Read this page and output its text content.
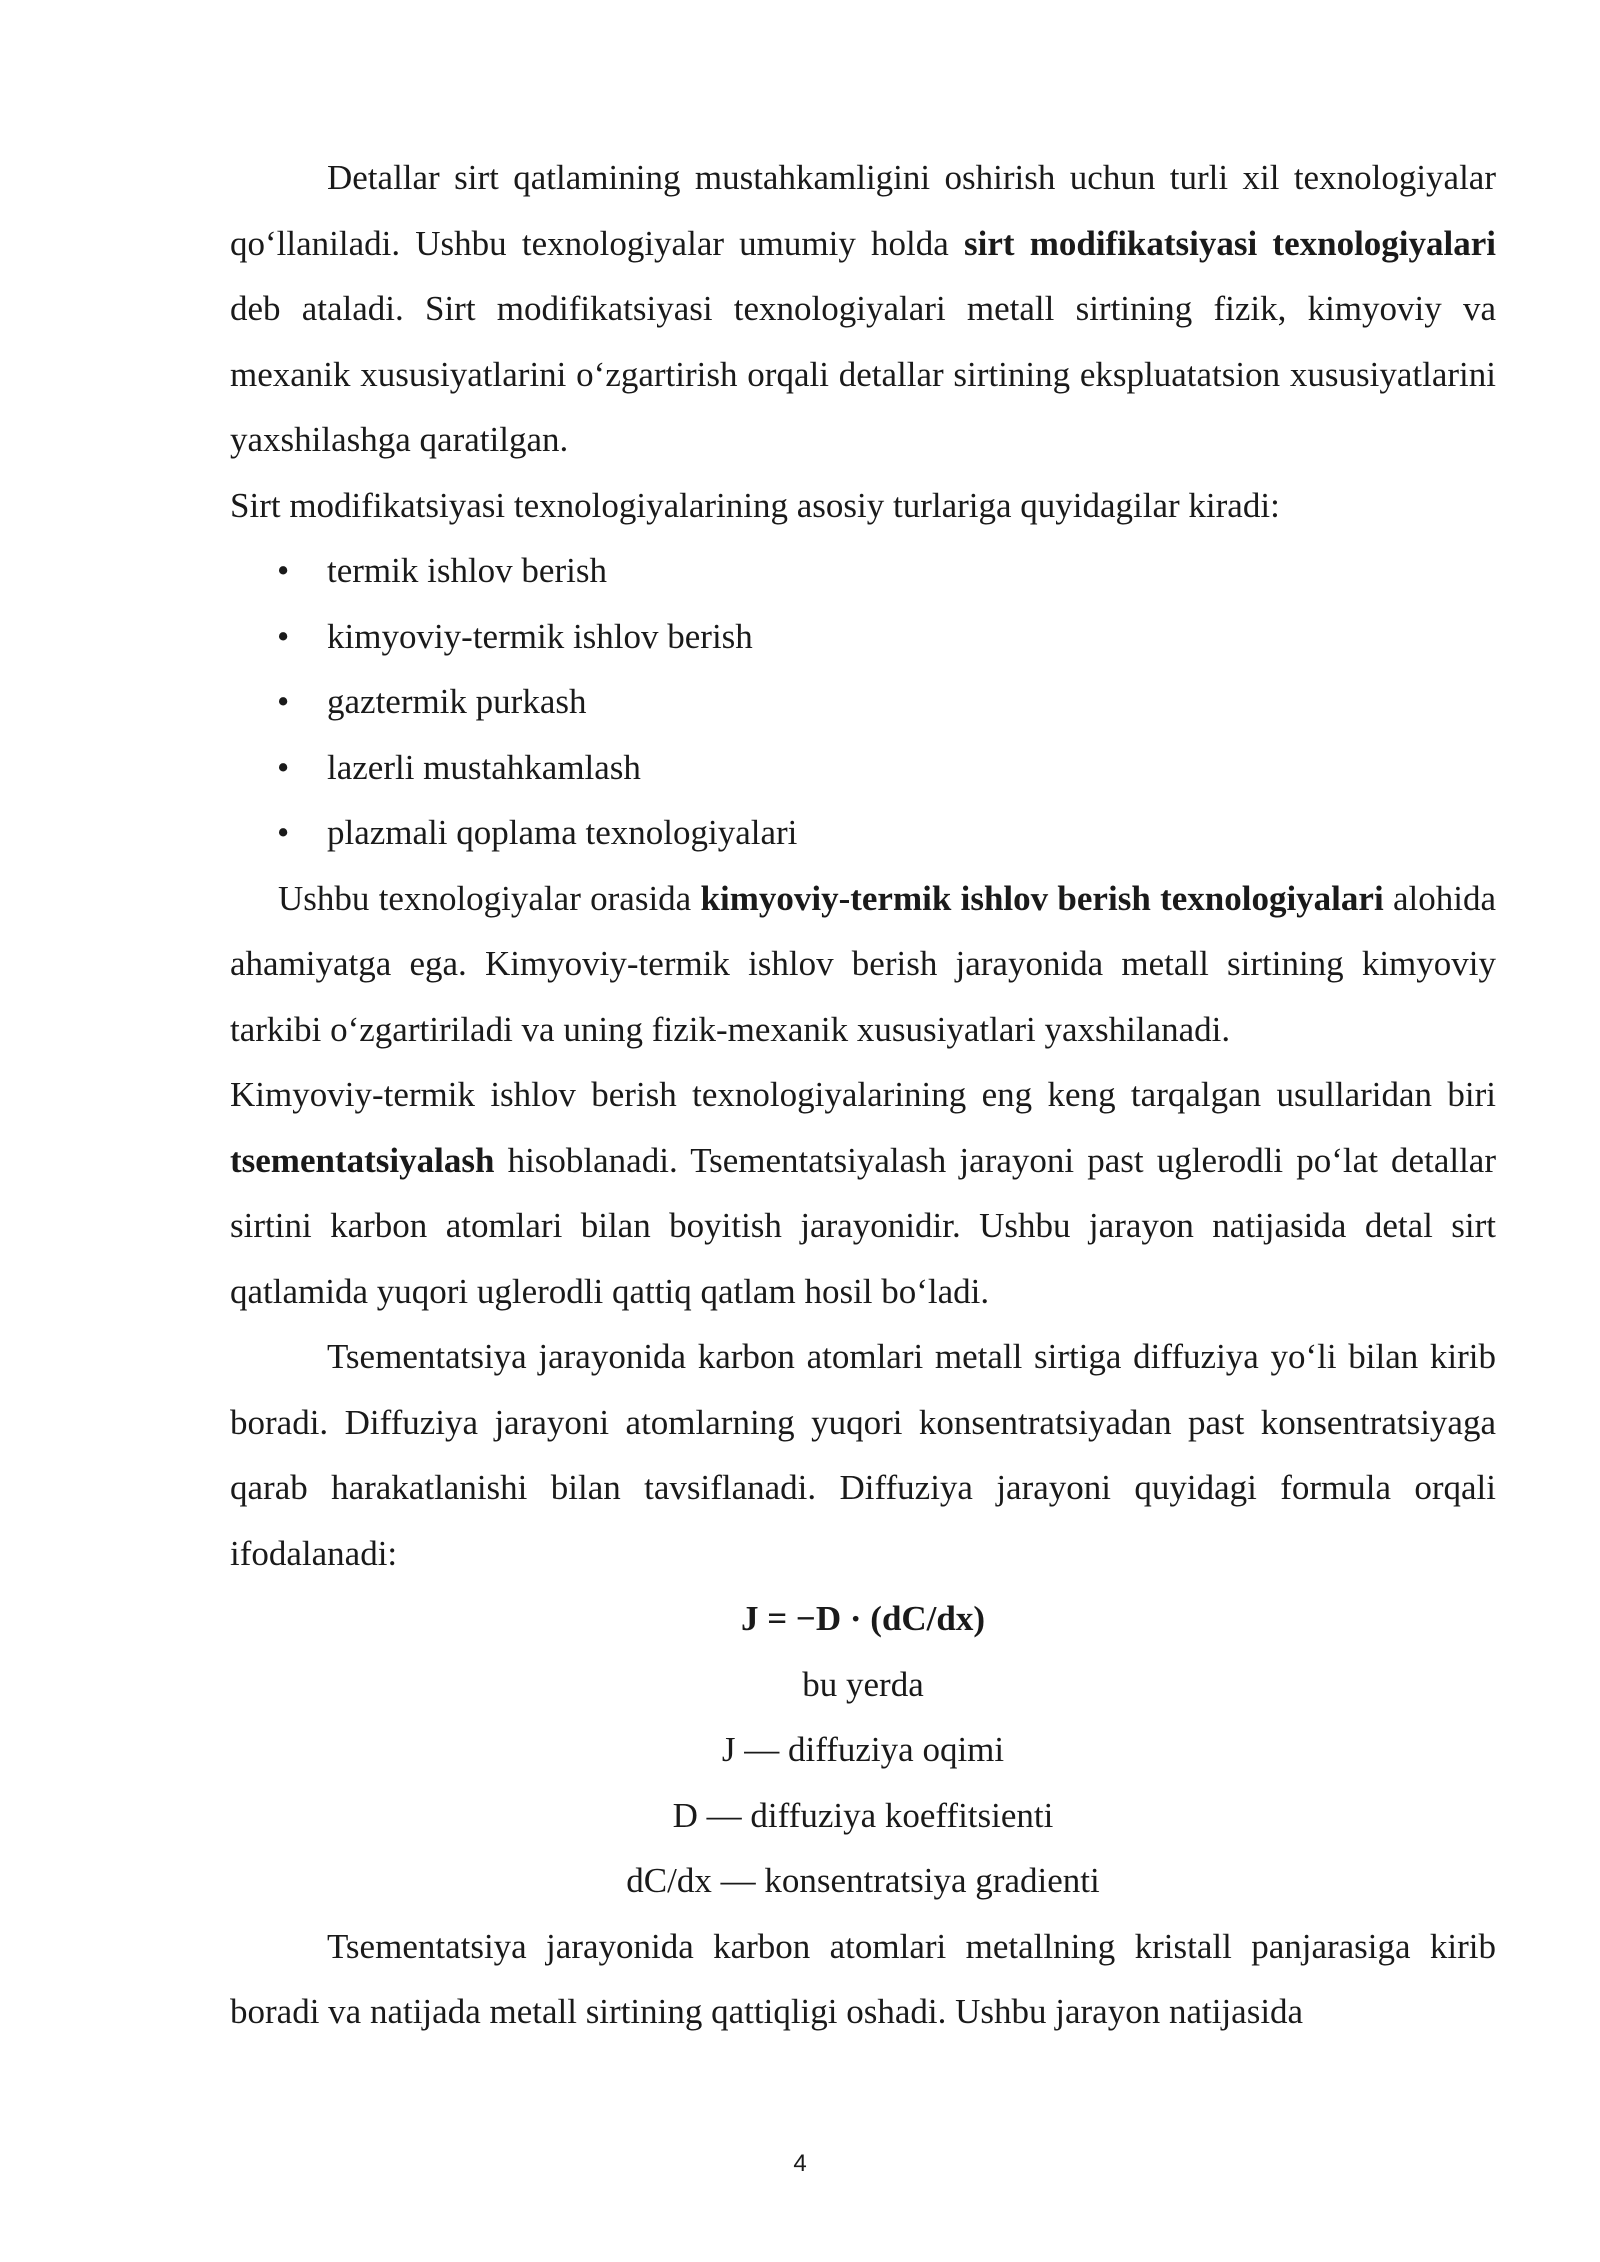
Detallar sirt qatlamining mustahkamligini oshirish uchun turli xil texnologiyalar qo‘llaniladi. Ushbu texnologiyalar umumiy holda sirt modifikatsiyasi texnologiyalari deb ataladi. Sirt modifikatsiyasi texnologiyalari metall sirtining fizik, kimyoviy va mexanik xususiyatlarini o‘zgartirish orqali detallar sirtining ekspluatatsion xususiyatlarini yaxshilashga qaratilgan.

Sirt modifikatsiyasi texnologiyalarining asosiy turlariga quyidagilar kiradi:

• termik ishlov berish
• kimyoviy-termik ishlov berish
• gaztermik purkash
• lazerli mustahkamlash
• plazmali qoplama texnologiyalari

Ushbu texnologiyalar orasida kimyoviy-termik ishlov berish texnologiyalari alohida ahamiyatga ega. Kimyoviy-termik ishlov berish jarayonida metall sirtining kimyoviy tarkibi o‘zgartiriladi va uning fizik-mexanik xususiyatlari yaxshilanadi.

Kimyoviy-termik ishlov berish texnologiyalarining eng keng tarqalgan usullaridan biri tsementatsiyalash hisoblanadi. Tsementatsiyalash jarayoni past uglerodli po‘lat detallar sirtini karbon atomlari bilan boyitish jarayonidir. Ushbu jarayon natijasida detal sirt qatlamida yuqori uglerodli qattiq qatlam hosil bo‘ladi.

Tsementatsiya jarayonida karbon atomlari metall sirtiga diffuziya yo‘li bilan kirib boradi. Diffuziya jarayoni atomlarning yuqori konsentratsiyadan past konsentratsiyaga qarab harakatlanishi bilan tavsiflanadi. Diffuziya jarayoni quyidagi formula orqali ifodalanadi:

J = −D · (dC/dx)

bu yerda

J — diffuziya oqimi

D — diffuziya koeffitsienti

dC/dx — konsentratsiya gradienti

Tsementatsiya jarayonida karbon atomlari metallning kristall panjarasiga kirib boradi va natijada metall sirtining qattiqligi oshadi. Ushbu jarayon natijasida

4
